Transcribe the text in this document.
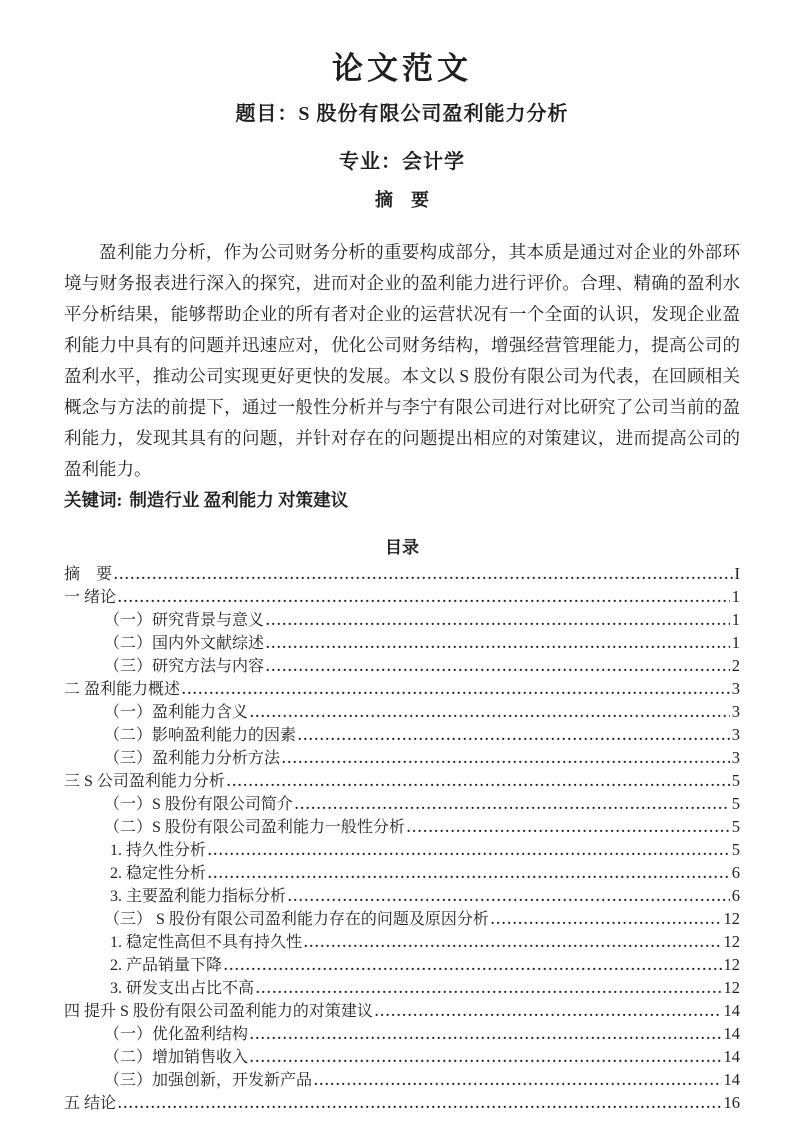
论文范文
题目：S 股份有限公司盈利能力分析
专业：会计学
摘　要

盈利能力分析，作为公司财务分析的重要构成部分，其本质是通过对企业的外部环境与财务报表进行深入的探究，进而对企业的盈利能力进行评价。合理、精确的盈利水平分析结果，能够帮助企业的所有者对企业的运营状况有一个全面的认识，发现企业盈利能力中具有的问题并迅速应对，优化公司财务结构，增强经营管理能力，提高公司的盈利水平，推动公司实现更好更快的发展。本文以 S 股份有限公司为代表，在回顾相关概念与方法的前提下，通过一般性分析并与李宁有限公司进行对比研究了公司当前的盈利能力，发现其具有的问题，并针对存在的问题提出相应的对策建议，进而提高公司的盈利能力。

关键词: 制造行业 盈利能力 对策建议
目录
摘　要 .....	I
一 绪论 .....	1
（一）研究背景与意义 .....	1
（二）国内外文献综述 .....	1
（三）研究方法与内容 .....	2
二 盈利能力概述 .....	3
（一）盈利能力含义 .....	3
（二）影响盈利能力的因素 .....	3
（三）盈利能力分析方法 .....	3
三 S 公司盈利能力分析 .....	5
（一）S 股份有限公司简介 .....	5
（二）S 股份有限公司盈利能力一般性分析 .....	5
1. 持久性分析 .....	5
2. 稳定性分析 .....	6
3. 主要盈利能力指标分析 .....	6
（三） S 股份有限公司盈利能力存在的问题及原因分析 .....	12
1. 稳定性高但不具有持久性 .....	12
2. 产品销量下降 .....	12
3. 研发支出占比不高 .....	12
四 提升 S 股份有限公司盈利能力的对策建议 .....	14
（一）优化盈利结构 .....	14
（二）增加销售收入 .....	14
（三）加强创新，开发新产品 .....	14
五 结论 .....	16
